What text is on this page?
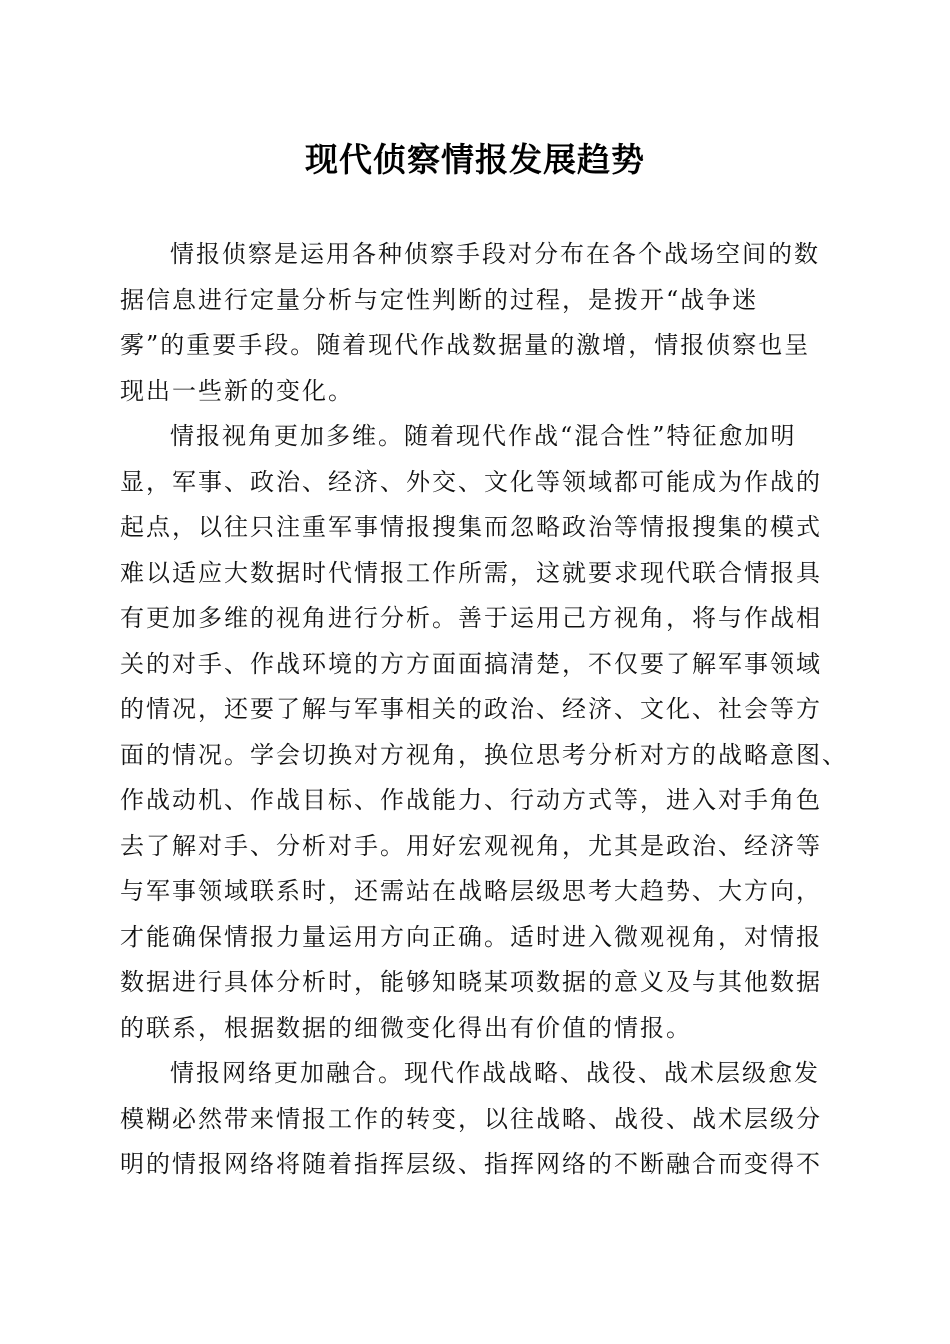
现代侦察情报发展趋势
情报侦察是运用各种侦察手段对分布在各个战场空间的数
据信息进行定量分析与定性判断的过程，是拨开“战争迷
雾”的重要手段。随着现代作战数据量的激增，情报侦察也呈
现出一些新的变化。
情报视角更加多维。随着现代作战“混合性”特征愈加明
显，军事、政治、经济、外交、文化等领域都可能成为作战的
起点，以往只注重军事情报搜集而忽略政治等情报搜集的模式
难以适应大数据时代情报工作所需，这就要求现代联合情报具
有更加多维的视角进行分析。善于运用己方视角，将与作战相
关的对手、作战环境的方方面面搞清楚，不仅要了解军事领域
的情况，还要了解与军事相关的政治、经济、文化、社会等方
面的情况。学会切换对方视角，换位思考分析对方的战略意图、
作战动机、作战目标、作战能力、行动方式等，进入对手角色
去了解对手、分析对手。用好宏观视角，尤其是政治、经济等
与军事领域联系时，还需站在战略层级思考大趋势、大方向，
才能确保情报力量运用方向正确。适时进入微观视角，对情报
数据进行具体分析时，能够知晓某项数据的意义及与其他数据
的联系，根据数据的细微变化得出有价值的情报。
情报网络更加融合。现代作战战略、战役、战术层级愈发
模糊必然带来情报工作的转变，以往战略、战役、战术层级分
明的情报网络将随着指挥层级、指挥网络的不断融合而变得不
